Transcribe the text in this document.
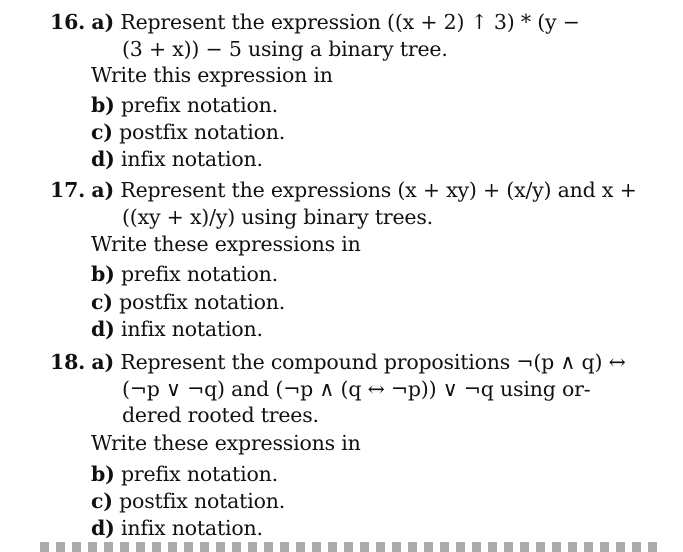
16. a) Represent the expression ((x + 2) ↑ 3) * (y −
(3 + x)) − 5 using a binary tree.
Write this expression in
b) prefix notation.
c) postfix notation.
d) infix notation.
17. a) Represent the expressions (x + xy) + (x/y) and x +
((xy + x)/y) using binary trees.
Write these expressions in
b) prefix notation.
c) postfix notation.
d) infix notation.
18. a) Represent the compound propositions ¬(p ∧ q) ↔
(¬p ∨ ¬q) and (¬p ∧ (q ↔ ¬p)) ∨ ¬q using or-
dered rooted trees.
Write these expressions in
b) prefix notation.
c) postfix notation.
d) infix notation.
